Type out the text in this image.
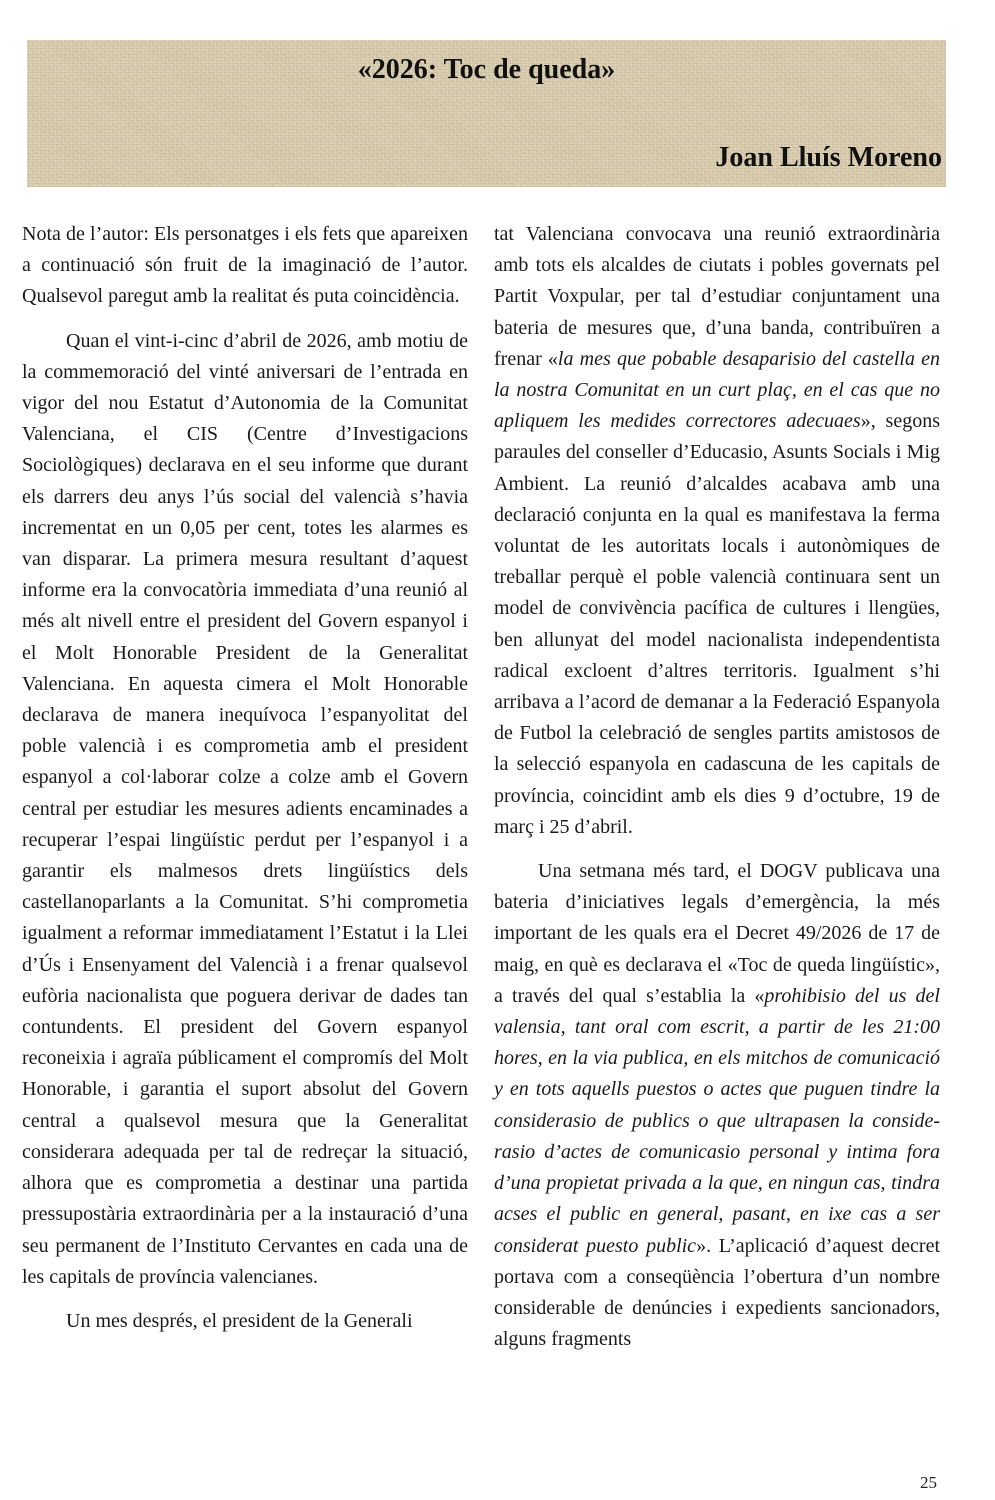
«2026: Toc de queda»
Joan Lluís Moreno

Nota de l’autor: Els personatges i els fets que apareixen a continuació són fruit de la imaginació de l’autor. Qualsevol paregut amb la realitat és puta coincidència.

Quan el vint-i-cinc d’abril de 2026, amb motiu de la commemoració del vinté aniversari de l’entrada en vigor del nou Estatut d’Autonomia de la Comunitat Valenciana, el CIS (Centre d’Investigacions Sociològiques) declarava en el seu informe que durant els darrers deu anys l’ús social del valencià s’havia incrementat en un 0,05 per cent, totes les alarmes es van disparar. La primera mesura resultant d’aquest informe era la convocatòria immediata d’una reunió al més alt nivell entre el president del Govern espanyol i el Molt Honorable President de la Generalitat Valenciana. En aquesta cimera el Molt Honorable declarava de manera inequívoca l’espanyolitat del poble valencià i es comprometia amb el president espanyol a col·laborar colze a colze amb el Govern central per estudiar les mesures adients encaminades a recuperar l’espai lingüístic perdut per l’espanyol i a garantir els malmesos drets lingüístics dels castellanoparlants a la Comunitat. S’hi comprometia igualment a reformar immediatament l’Estatut i la Llei d’Ús i Ensenyament del Valencià i a frenar qualsevol eufòria nacionalista que poguera derivar de dades tan contundents. El president del Govern espanyol reconeixia i agraïa públicament el compromís del Molt Honorable, i garantia el suport absolut del Govern central a qualsevol mesura que la Generalitat considerara adequada per tal de redreçar la situació, alhora que es comprometia a destinar una partida pressupostària extraordinària per a la instauració d’una seu permanent de l’Instituto Cervantes en cada una de les capitals de província valencianes.

Un mes després, el president de la Generali

tat Valenciana convocava una reunió extraordinària amb tots els alcaldes de ciutats i pobles governats pel Partit Voxpular, per tal d’estudiar conjuntament una bateria de mesures que, d’una banda, contribuïren a frenar «la mes que pobable desaparisio del castella en la nostra Comunitat en un curt plaç, en el cas que no apliquem les medides correctores adecuaes», segons paraules del conseller d’Educasio, Asunts Socials i Mig Ambient. La reunió d’alcaldes acabava amb una declaració conjunta en la qual es manifestava la ferma voluntat de les autoritats locals i autonòmiques de treballar perquè el poble valencià continuara sent un model de convivència pacífica de cultures i llengües, ben allunyat del model nacionalista independentista radical excloent d’altres territoris. Igualment s’hi arribava a l’acord de demanar a la Federació Espanyola de Futbol la celebració de sengles partits amistosos de la selecció espanyola en cadascuna de les capitals de província, coincidint amb els dies 9 d’octubre, 19 de març i 25 d’abril.

Una setmana més tard, el DOGV publicava una bateria d’iniciatives legals d’emergència, la més important de les quals era el Decret 49/2026 de 17 de maig, en què es declarava el «Toc de queda lingüístic», a través del qual s’establia la «prohibisio del us del valensia, tant oral com escrit, a partir de les 21:00 hores, en la via publica, en els mitchos de comunicació y en tots aquells puestos o actes que puguen tindre la considerasio de publics o que ultrapasen la considerasio d’actes de comunicasio personal y intima fora d’una propietat privada a la que, en ningun cas, tindra acses el public en general, pasant, en ixe cas a ser considerat puesto public». L’aplicació d’aquest decret portava com a conseqüència l’obertura d’un nombre considerable de denúncies i expedients sancionadors, alguns fragments

25
